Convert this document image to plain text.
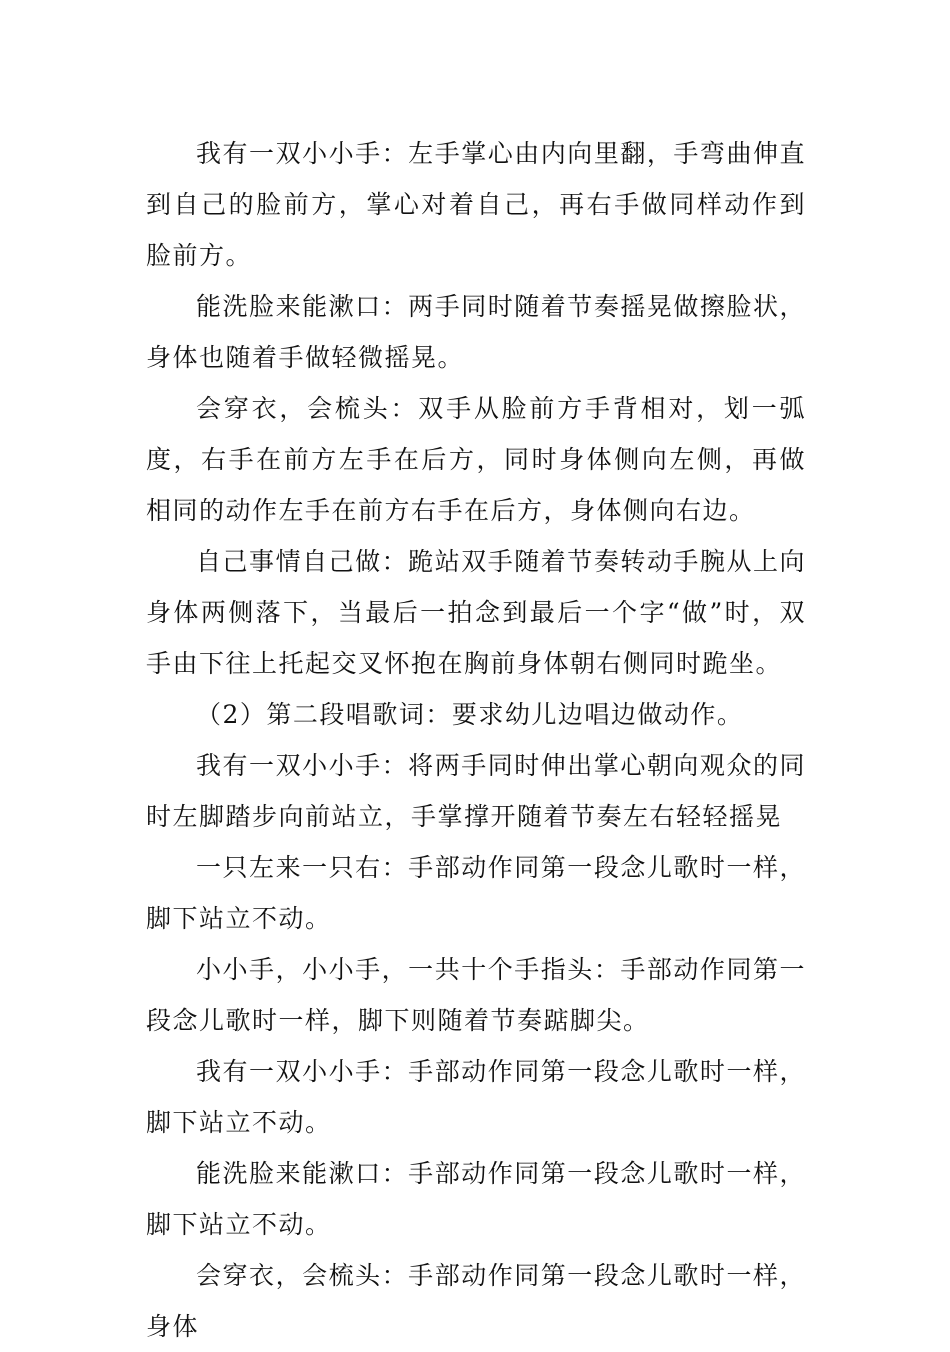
我有一双小小手：左手掌心由内向里翻，手弯曲伸直到自己的脸前方，掌心对着自己，再右手做同样动作到脸前方。

能洗脸来能漱口：两手同时随着节奏摇晃做擦脸状，身体也随着手做轻微摇晃。

会穿衣，会梳头：双手从脸前方手背相对，划一弧度，右手在前方左手在后方，同时身体侧向左侧，再做相同的动作左手在前方右手在后方，身体侧向右边。

自己事情自己做：跪站双手随着节奏转动手腕从上向身体两侧落下，当最后一拍念到最后一个字“做”时，双手由下往上托起交叉怀抱在胸前身体朝右侧同时跪坐。

（2）第二段唱歌词：要求幼儿边唱边做动作。

我有一双小小手：将两手同时伸出掌心朝向观众的同时左脚踏步向前站立，手掌撑开随着节奏左右轻轻摇晃

一只左来一只右：手部动作同第一段念儿歌时一样，脚下站立不动。

小小手，小小手，一共十个手指头：手部动作同第一段念儿歌时一样，脚下则随着节奏踮脚尖。

我有一双小小手：手部动作同第一段念儿歌时一样，脚下站立不动。

能洗脸来能漱口：手部动作同第一段念儿歌时一样，脚下站立不动。

会穿衣，会梳头：手部动作同第一段念儿歌时一样，身体
